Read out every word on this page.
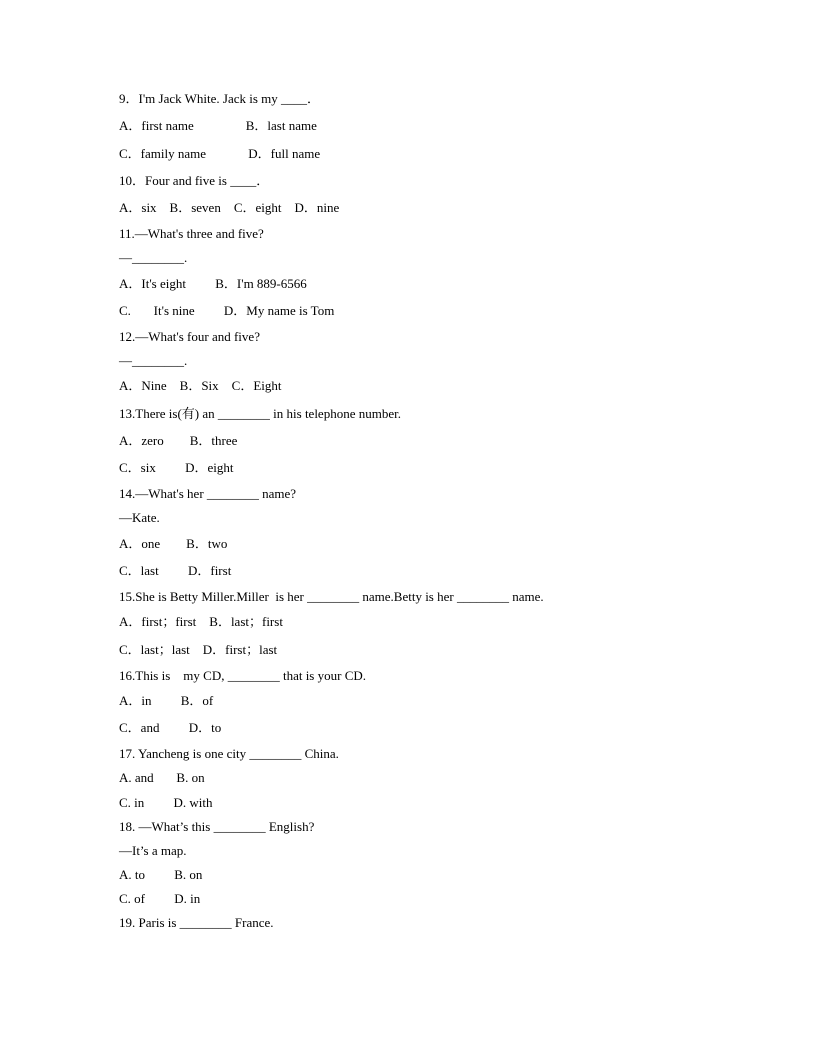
9．I'm Jack White. Jack is my ____．

A．first name                B．last name

C．family name             D．full name

10．Four and five is ____．

A．six    B．seven    C．eight    D．nine

11.—What's three and five?

—________.

A．It's eight         B．I'm 889-6566

C.       It's nine         D．My name is Tom

12.—What's four and five?

—________.

A．Nine    B．Six    C．Eight

13.There is(有) an ________ in his telephone number.

A．zero        B．three

C．six         D．eight

14.—What's her ________ name?

—Kate.

A．one        B．two

C．last         D．first

15.She is Betty Miller.Miller  is her ________ name.Betty is her ________ name.

A．first；first    B．last；first

C．last；last    D．first；last

16.This is    my CD, ________ that is your CD.

A．in         B．of

C．and         D．to

17. Yancheng is one city ________ China.

A. and       B. on

C. in         D. with

18. —What’s this ________ English?

—It’s a map.

A. to         B. on

C. of         D. in

19. Paris is ________ France.
